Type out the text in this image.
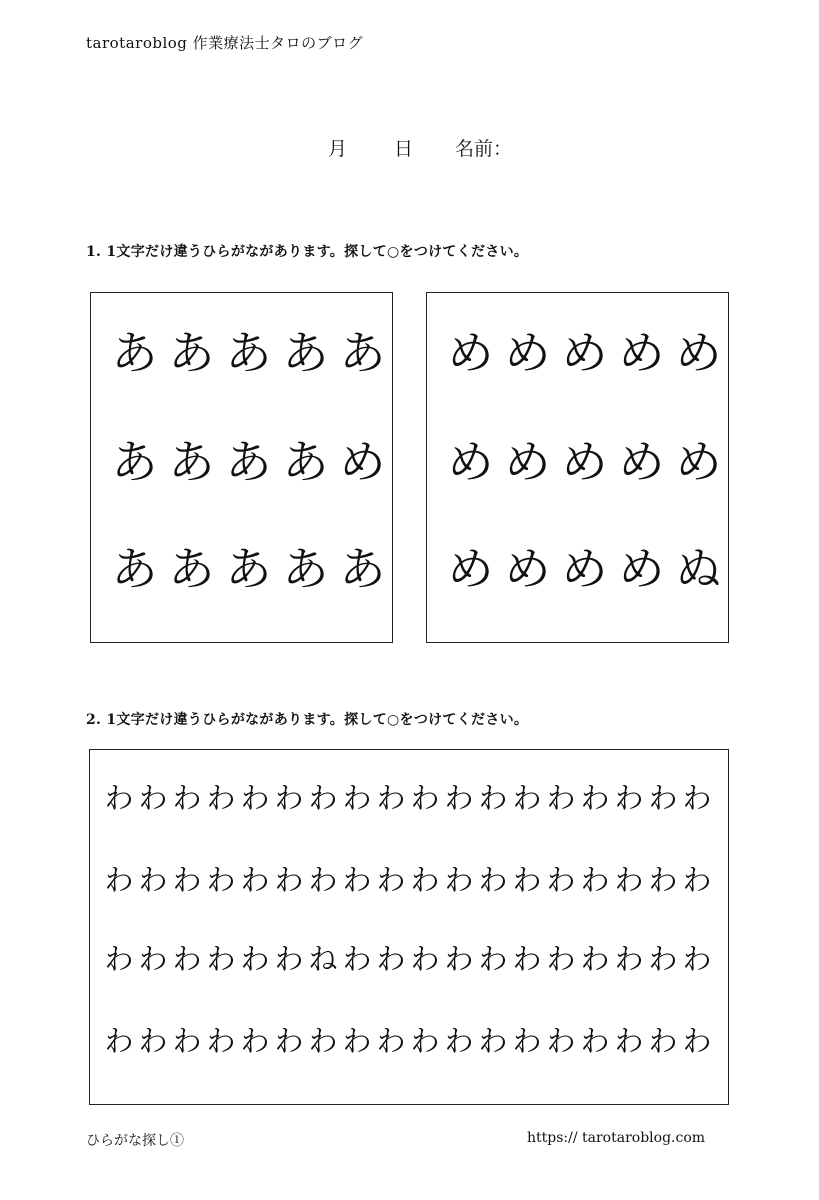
tarotaroblog 作業療法士タロのブログ
月 日 名前：
1. 1文字だけ違うひらがながあります。探して○をつけてください。
あ あ あ あ あ
あ あ あ あ め
あ あ あ あ あ
め め め め め
め め め め め
め め め め ぬ
2. 1文字だけ違うひらがながあります。探して○をつけてください。
わ わ わ わ わ わ わ わ わ わ わ わ わ わ わ わ わ わ
わ わ わ わ わ わ わ わ わ わ わ わ わ わ わ わ わ わ
わ わ わ わ わ わ ね わ わ わ わ わ わ わ わ わ わ わ
わ わ わ わ わ わ わ わ わ わ わ わ わ わ わ わ わ わ
ひらがな探し①	https:// tarotaroblog.com
